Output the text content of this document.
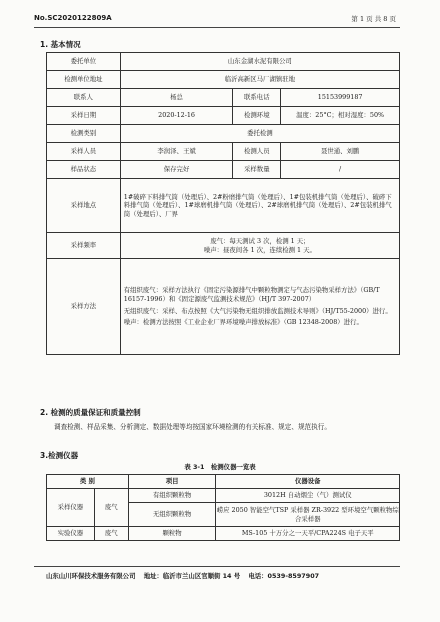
No.SC2020122809A	第 1 页 共 8 页
1. 基本情况
委托单位	山东金湖水泥有限公司		
检测单位地址	临沂高新区马厂湖镇驻地		
联系人	杨总	联系电话	15153999187
采样日期	2020-12-16	检测环境	温度：25°C；相对湿度：50%
检测类别	委托检测		
采样人员	李润泽、王斌	检测人员	聂世通、刘鹏
样品状态	保存完好	采样数量	/
采样地点	1#破碎下料排气筒（处理后）、2#粉磨排气筒（处理后）、1#包装机排气筒（处理后）、破碎下料排气筒（处理后）、1#球磨机排气筒（处理后）、2#球磨机排气筒（处理后）、2#包装机排气筒（处理后）、厂界		
采样频率	废气：每天测试 3 次，检测 1 天；
噪声：昼夜间各 1 次，连续检测 1 天。		

采样方法	有组织废气：采样方法执行《固定污染源排气中颗粒物测定与气态污染物采样方法》（GB/T 16157-1996）和《固定源废气监测技术规范》（HJ/T 397-2007）
无组织废气：采样、布点按照《大气污染物无组织排放监测技术导则》（HJ/T55-2000）进行。
噪声：检测方法按照《工业企业厂界环境噪声排放标准》（GB 12348-2008）进行。		
2. 检测的质量保证和质量控制
调查检测、样品采集、分析测定、数据处理等均按国家环境检测的有关标准、规定、规范执行。
3.检测仪器
表 3-1　检测仪器一览表
类 别		项目	仪器设备
采样仪器	废气	有组织颗粒物	3012H 自动烟尘（气）测试仪
		无组织颗粒物	崂应 2050 智能空气TSP 采样器 ZR-3922 型环境空气颗粒物综合采样器
实验仪器	废气	颗粒物	MS-105 十万分之一天平/CPA224S 电子天平
山东山川环保技术服务有限公司 地址：临沂市兰山区官顺街 14 号 电话：0539-8597907
